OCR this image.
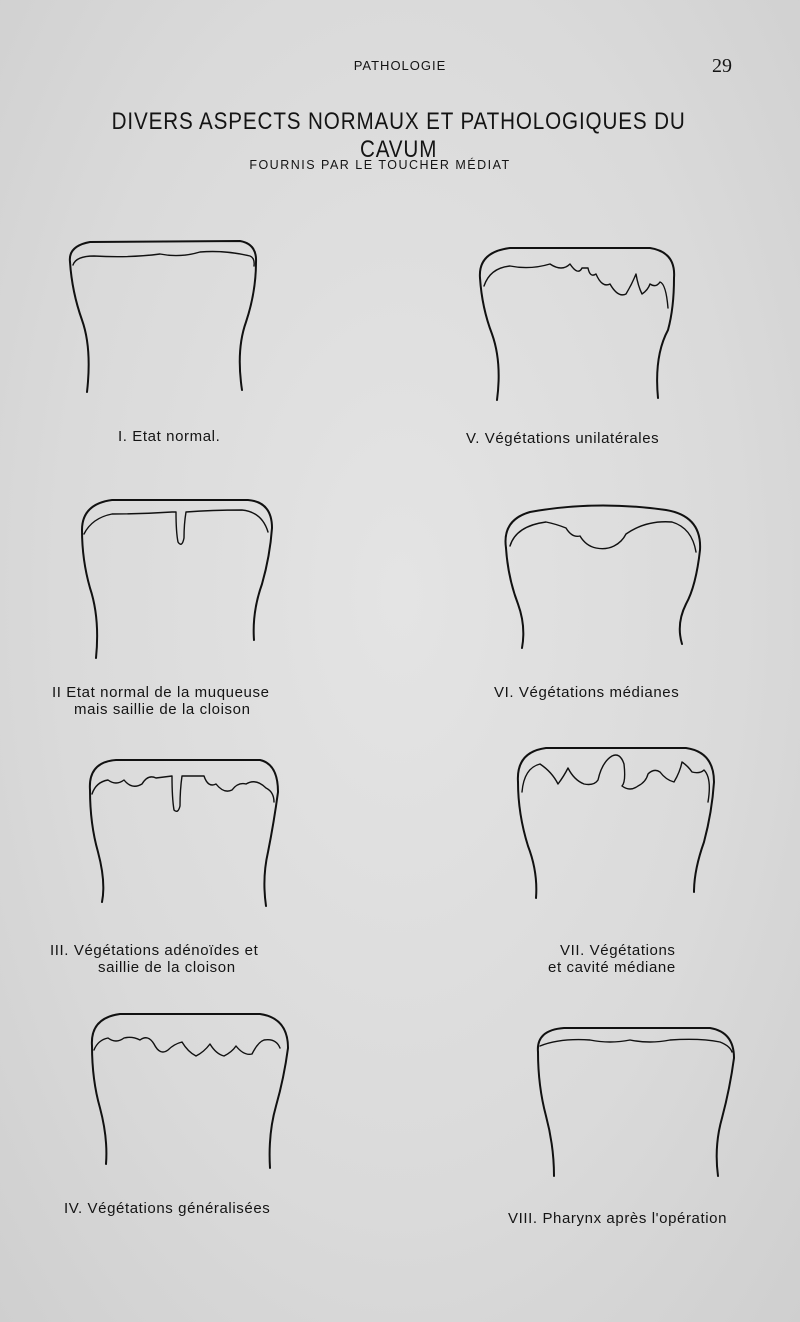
PATHOLOGIE	29
DIVERS ASPECTS NORMAUX ET PATHOLOGIQUES DU CAVUM
FOURNIS PAR LE TOUCHER MÉDIAT
I. Etat normal.	V. Végétations unilatérales
II Etat normal de la muqueuse
mais saillie de la cloison
VI. Végétations médianes
III. Végétations adénoïdes et
saillie de la cloison
VII. Végétations
et cavité médiane
IV. Végétations généralisées
VIII. Pharynx après l'opération
